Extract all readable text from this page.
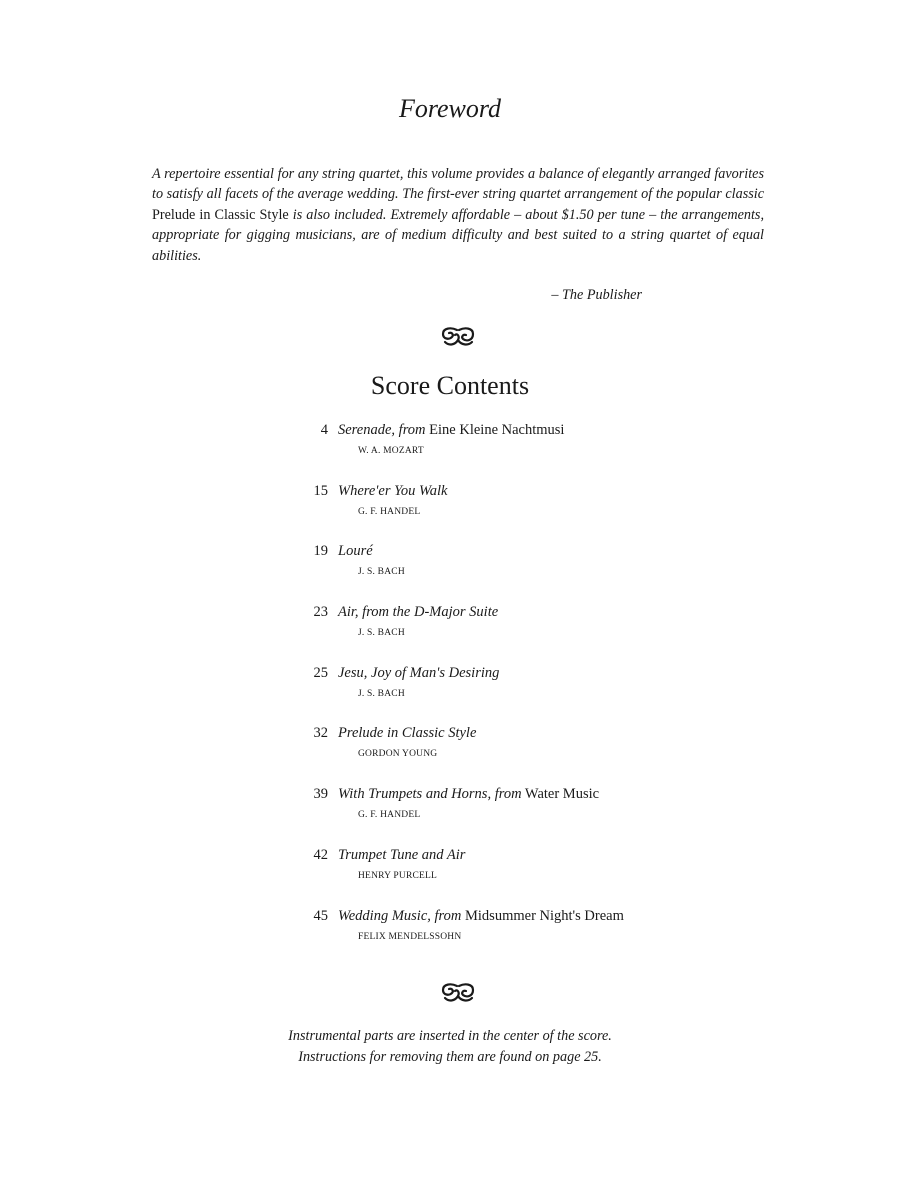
Foreword

A repertoire essential for any string quartet, this volume provides a balance of elegantly arranged favorites to satisfy all facets of the average wedding. The first-ever string quartet arrangement of the popular classic Prelude in Classic Style is also included. Extremely affordable – about $1.50 per tune – the arrangements, appropriate for gigging musicians, are of medium difficulty and best suited to a string quartet of equal abilities.

– The Publisher

Score Contents
4 Serenade, from Eine Kleine Nachtmusi
W. A. MOZART
15 Where'er You Walk
G. F. HANDEL
19 Louré
J. S. BACH
23 Air, from the D-Major Suite
J. S. BACH
25 Jesu, Joy of Man's Desiring
J. S. BACH
32 Prelude in Classic Style
GORDON YOUNG
39 With Trumpets and Horns, from Water Music
G. F. HANDEL
42 Trumpet Tune and Air
HENRY PURCELL
45 Wedding Music, from Midsummer Night's Dream
FELIX MENDELSSOHN

Instrumental parts are inserted in the center of the score.
Instructions for removing them are found on page 25.
